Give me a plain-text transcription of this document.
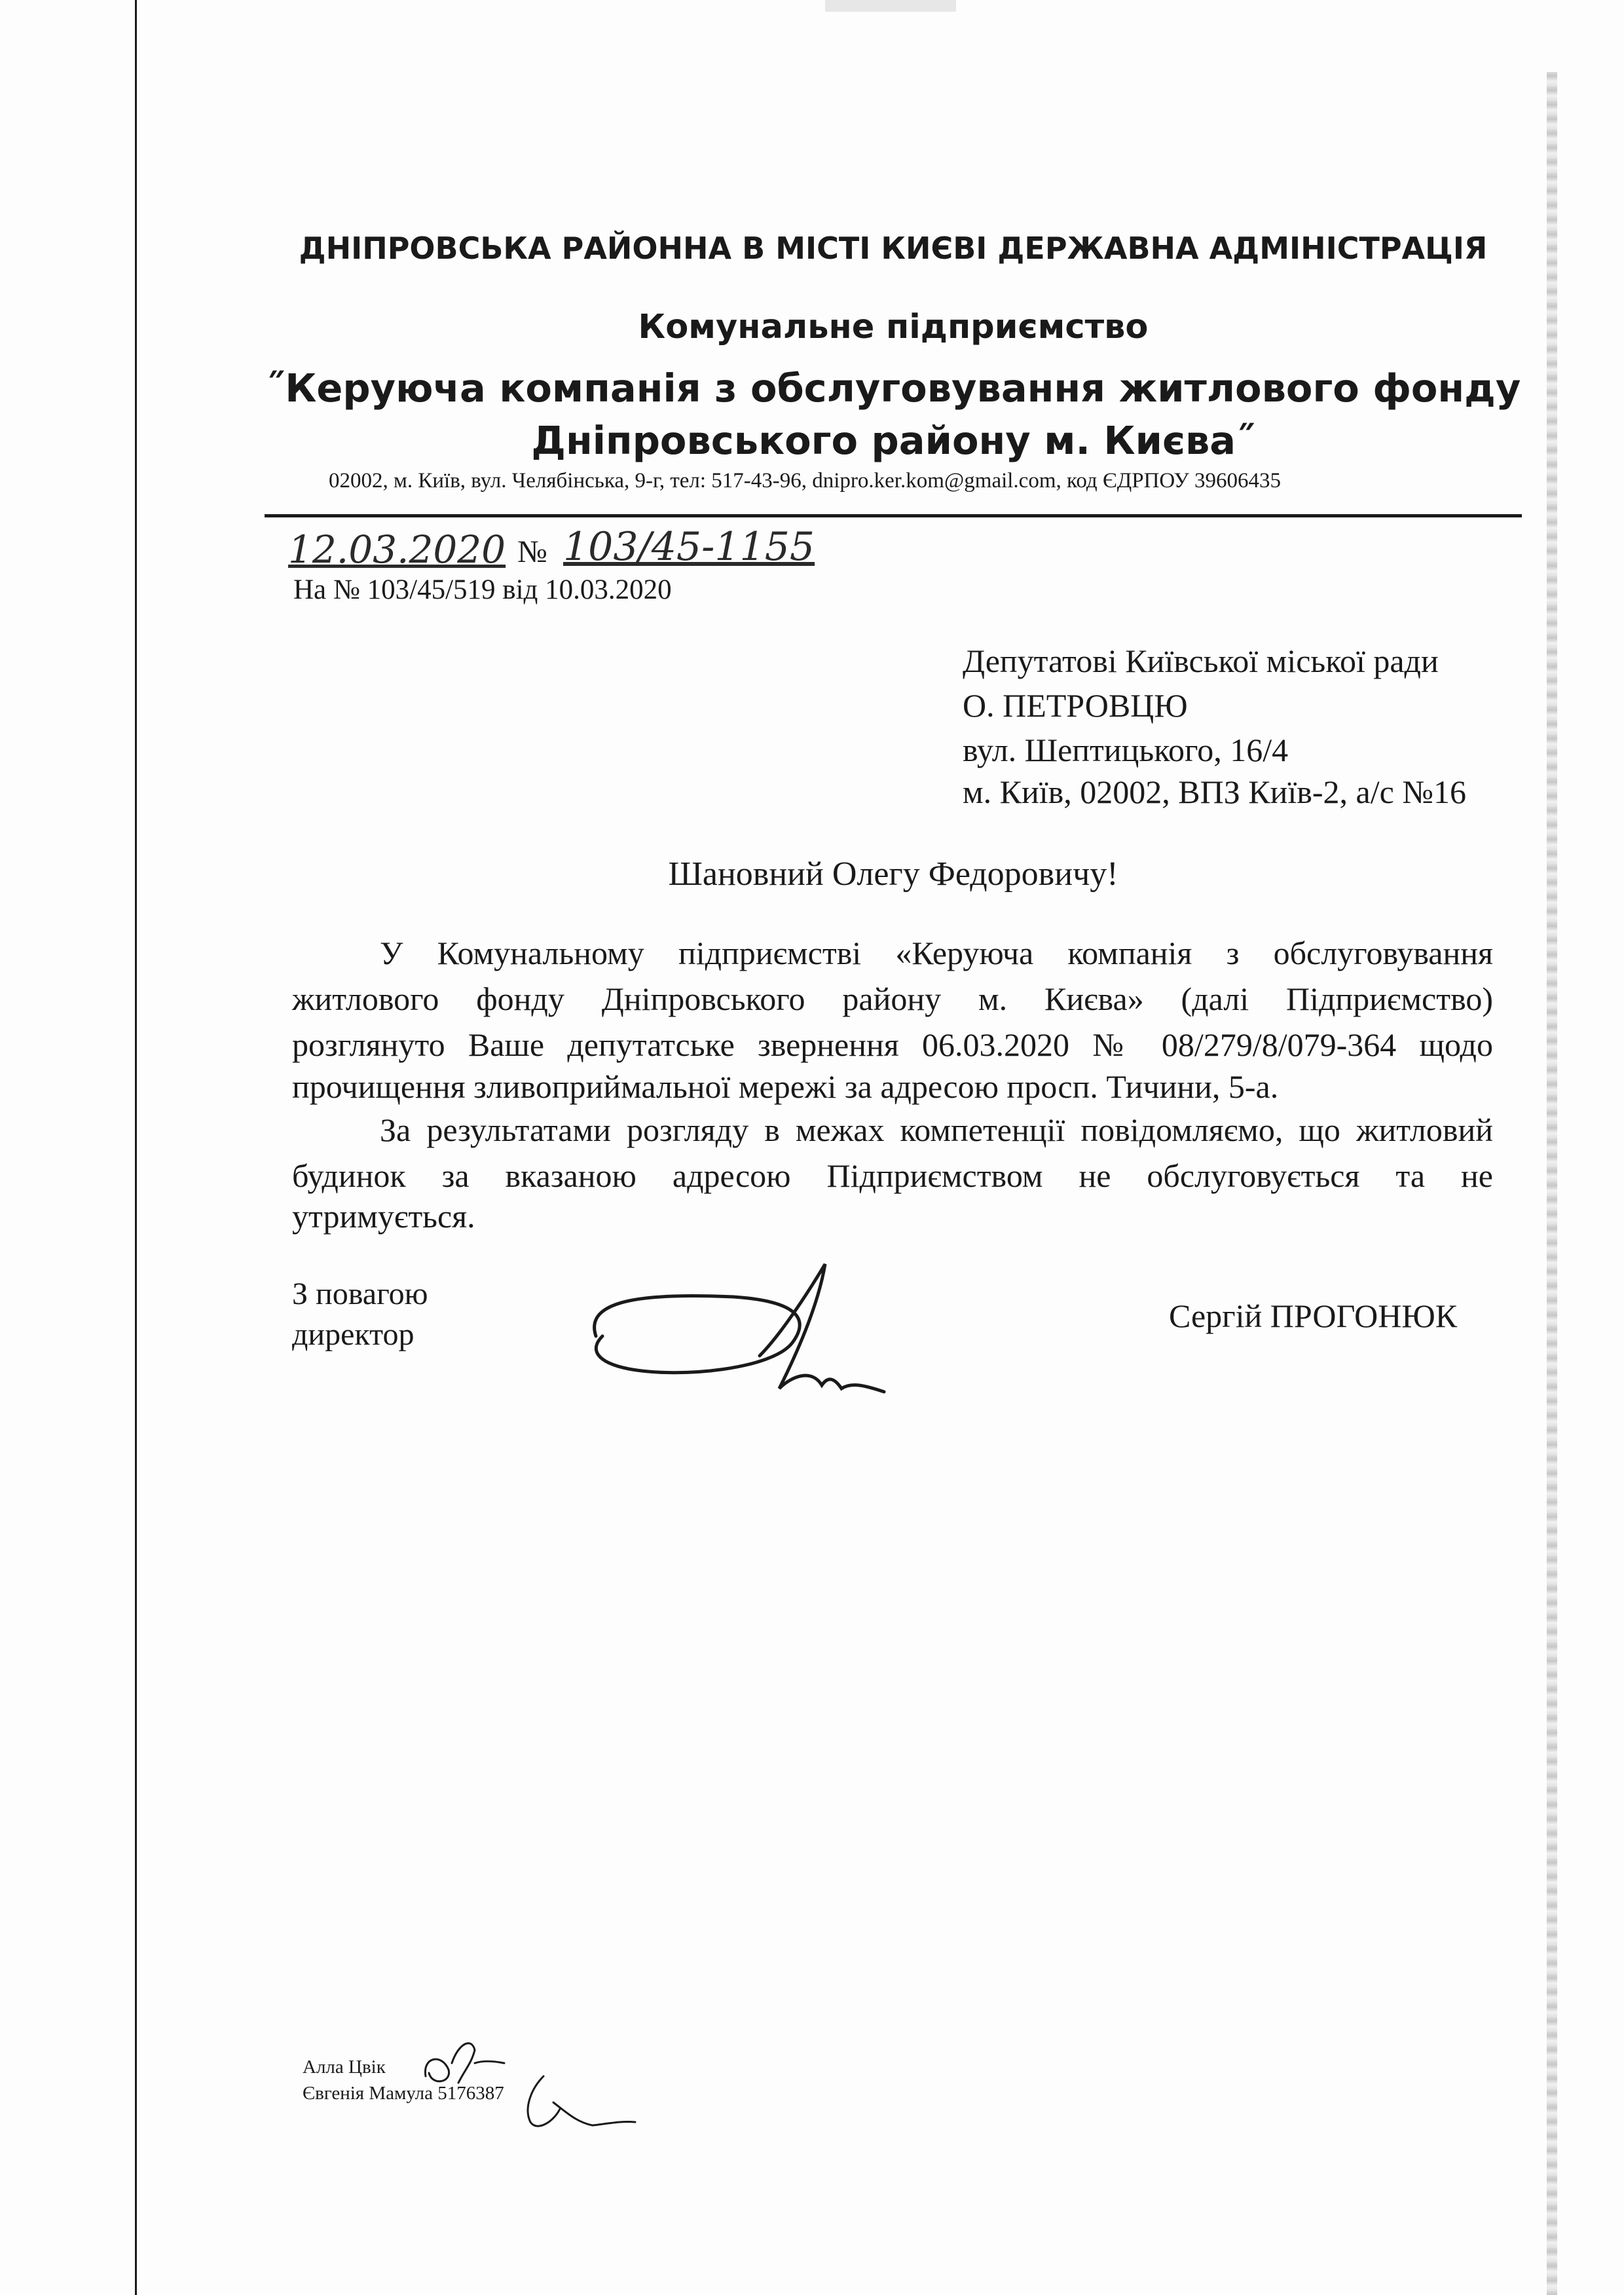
ДНІПРОВСЬКА РАЙОННА В МІСТІ КИЄВІ ДЕРЖАВНА АДМІНІСТРАЦІЯ
Комунальне підприємство
˝Керуюча компанія з обслуговування житлового фонду
Дніпровського району м. Києва˝
02002, м. Київ, вул. Челябінська, 9-г, тел: 517-43-96, dnipro.ker.kom@gmail.com, код ЄДРПОУ 39606435
12.03.2020 № 103/45-1155
На № 103/45/519 від 10.03.2020
Депутатові Київської міської ради
О. ПЕТРОВЦЮ
вул. Шептицького, 16/4
м. Київ, 02002, ВПЗ Київ-2, а/с №16
Шановний Олегу Федоровичу!
У Комунальному підприємстві «Керуюча компанія з обслуговування
житлового фонду Дніпровського району м. Києва» (далі Підприємство)
розглянуто Ваше депутатське звернення 06.03.2020 № 08/279/8/079-364 щодо
прочищення зливоприймальної мережі за адресою просп. Тичини, 5-а.
За результатами розгляду в межах компетенції повідомляємо, що житловий
будинок за вказаною адресою Підприємством не обслуговується та не
утримується.
З повагою
директор
Сергій ПРОГОНЮК
Алла Цвік
Євгенія Мамула 5176387
